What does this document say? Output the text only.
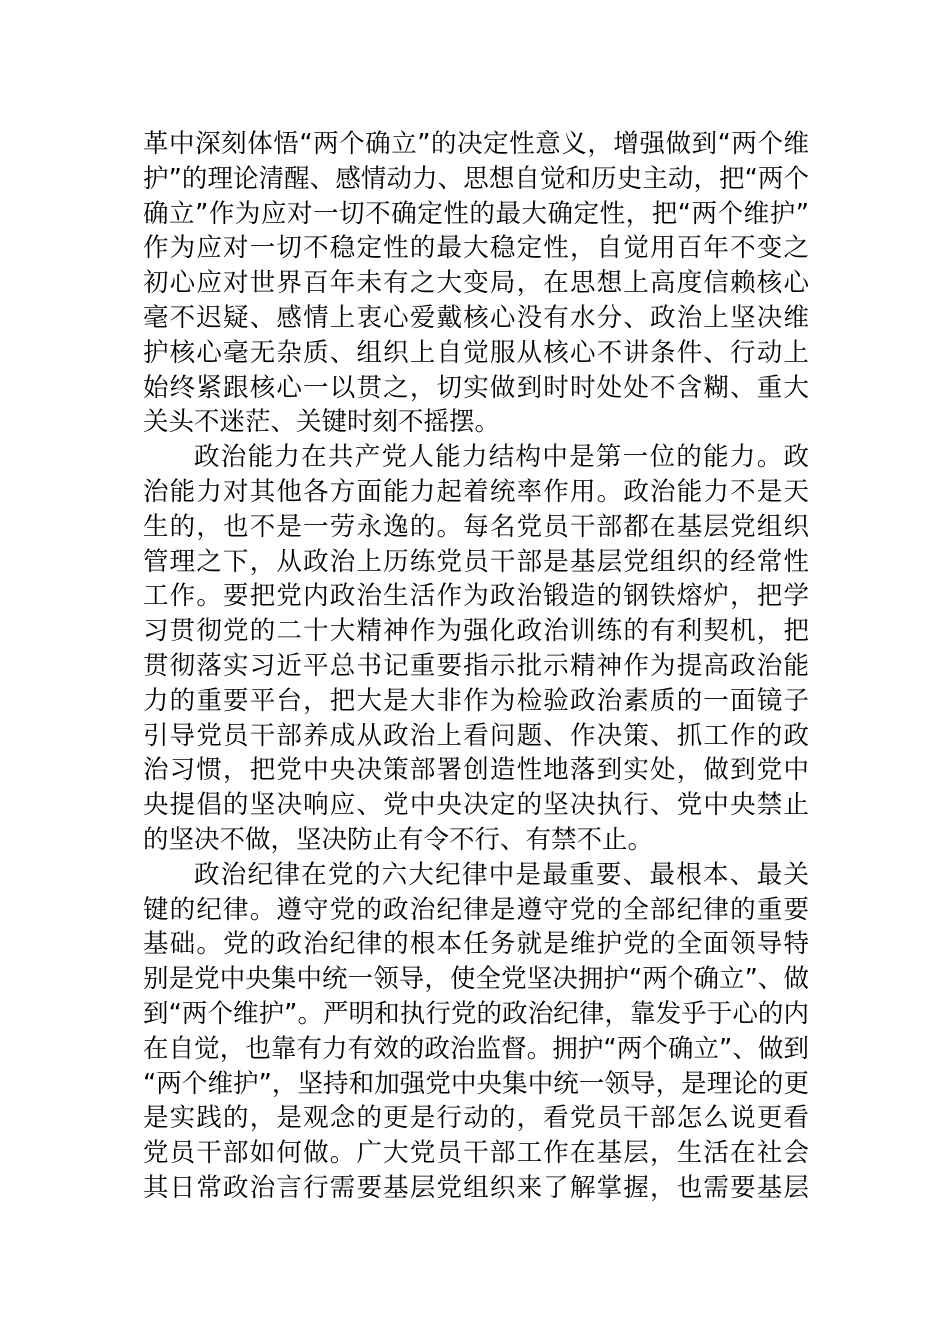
革中深刻体悟“两个确立”的决定性意义，增强做到“两个维
护”的理论清醒、感情动力、思想自觉和历史主动，把“两个
确立”作为应对一切不确定性的最大确定性，把“两个维护”
作为应对一切不稳定性的最大稳定性，自觉用百年不变之
初心应对世界百年未有之大变局，在思想上高度信赖核心
毫不迟疑、感情上衷心爱戴核心没有水分、政治上坚决维
护核心毫无杂质、组织上自觉服从核心不讲条件、行动上
始终紧跟核心一以贯之，切实做到时时处处不含糊、重大
关头不迷茫、关键时刻不摇摆。
政治能力在共产党人能力结构中是第一位的能力。政
治能力对其他各方面能力起着统率作用。政治能力不是天
生的，也不是一劳永逸的。每名党员干部都在基层党组织
管理之下，从政治上历练党员干部是基层党组织的经常性
工作。要把党内政治生活作为政治锻造的钢铁熔炉，把学
习贯彻党的二十大精神作为强化政治训练的有利契机，把
贯彻落实习近平总书记重要指示批示精神作为提高政治能
力的重要平台，把大是大非作为检验政治素质的一面镜子
引导党员干部养成从政治上看问题、作决策、抓工作的政
治习惯，把党中央决策部署创造性地落到实处，做到党中
央提倡的坚决响应、党中央决定的坚决执行、党中央禁止
的坚决不做，坚决防止有令不行、有禁不止。
政治纪律在党的六大纪律中是最重要、最根本、最关
键的纪律。遵守党的政治纪律是遵守党的全部纪律的重要
基础。党的政治纪律的根本任务就是维护党的全面领导特
别是党中央集中统一领导，使全党坚决拥护“两个确立”、做
到“两个维护”。严明和执行党的政治纪律，靠发乎于心的内
在自觉，也靠有力有效的政治监督。拥护“两个确立”、做到
“两个维护”，坚持和加强党中央集中统一领导，是理论的更
是实践的，是观念的更是行动的，看党员干部怎么说更看
党员干部如何做。广大党员干部工作在基层，生活在社会
其日常政治言行需要基层党组织来了解掌握，也需要基层
